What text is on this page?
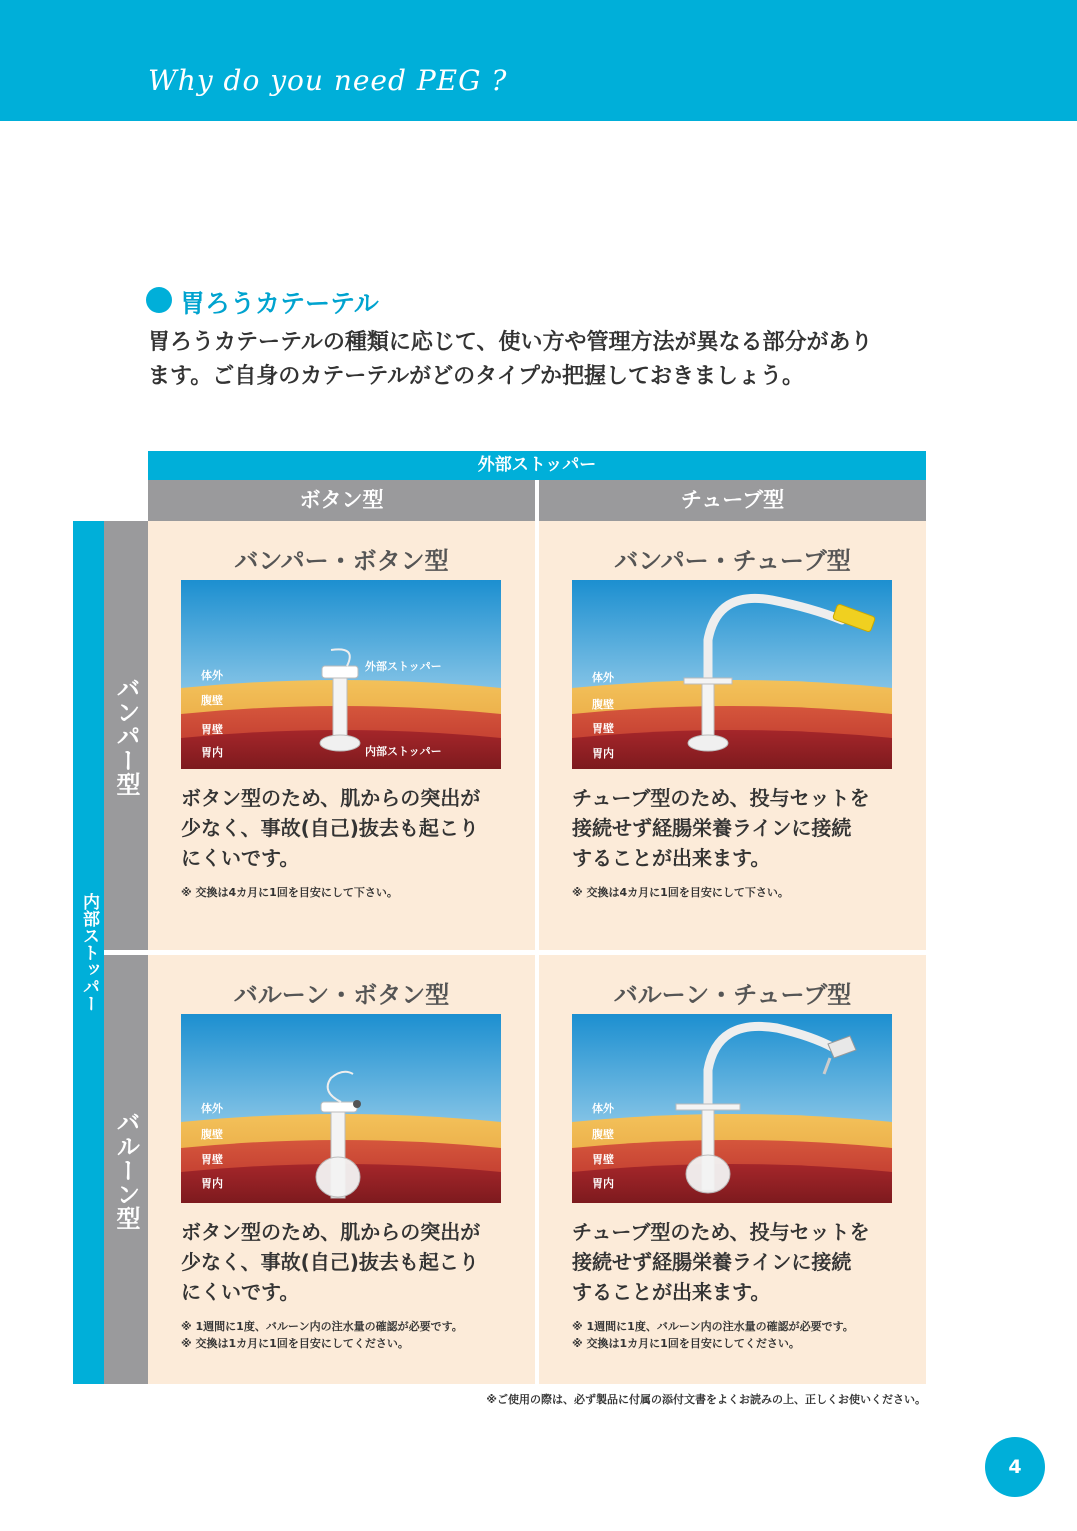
Why do you need PEG ?
胃ろうカテーテル
胃ろうカテーテルの種類に応じて、使い方や管理方法が異なる部分があり
ます。ご自身のカテーテルがどのタイプか把握しておきましょう。
外部ストッパー
ボタン型	チューブ型
内部ストッパー
バンパー型
バルーン型
バンパー・ボタン型
体外
腹壁
胃壁
胃内
外部ストッパー
内部ストッパー
ボタン型のため、肌からの突出が
少なく、事故(自己)抜去も起こり
にくいです。
※ 交換は4カ月に1回を目安にして下さい。
バンパー・チューブ型
体外
腹壁
胃壁
胃内
チューブ型のため、投与セットを
接続せず経腸栄養ラインに接続
することが出来ます。
※ 交換は4カ月に1回を目安にして下さい。
バルーン・ボタン型
体外
腹壁
胃壁
胃内
ボタン型のため、肌からの突出が
少なく、事故(自己)抜去も起こり
にくいです。
※ 1週間に1度、バルーン内の注水量の確認が必要です。
※ 交換は1カ月に1回を目安にしてください。
バルーン・チューブ型
体外
腹壁
胃壁
胃内
チューブ型のため、投与セットを
接続せず経腸栄養ラインに接続
することが出来ます。
※ 1週間に1度、バルーン内の注水量の確認が必要です。
※ 交換は1カ月に1回を目安にしてください。
※ご使用の際は、必ず製品に付属の添付文書をよくお読みの上、正しくお使いください。
4
